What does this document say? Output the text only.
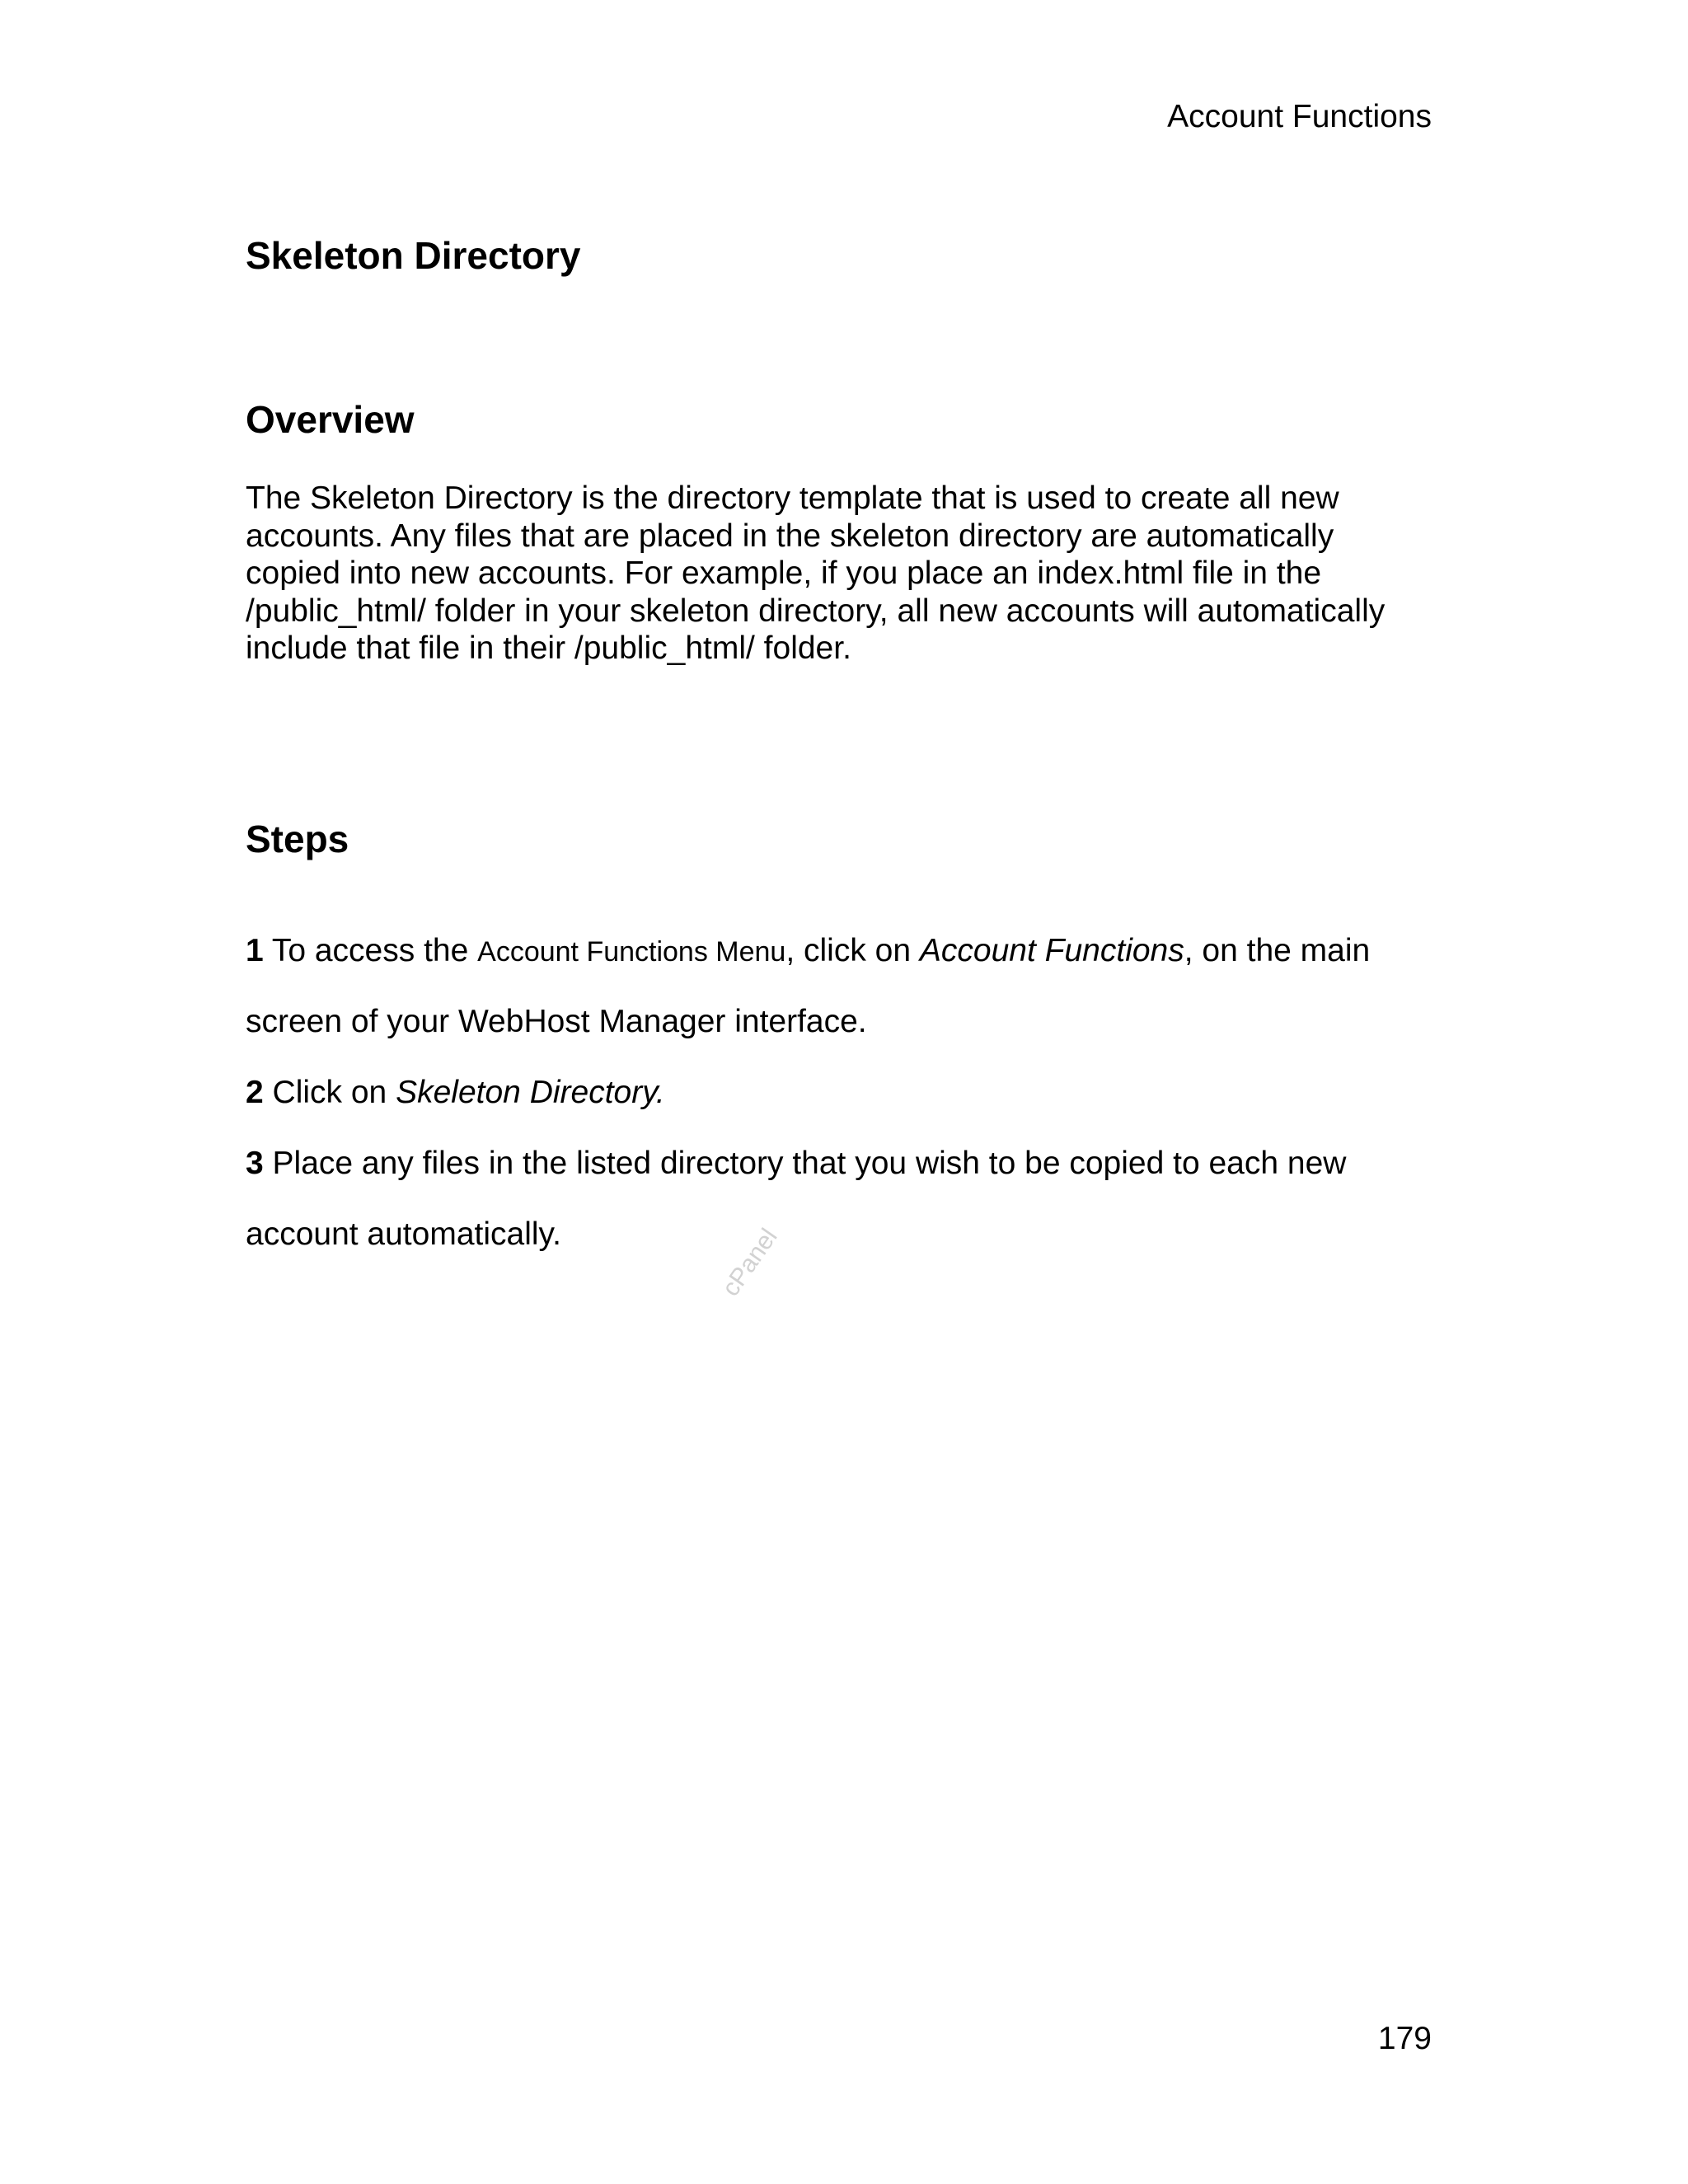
Account Functions
Skeleton Directory
Overview

The Skeleton Directory is the directory template that is used to create all new
accounts. Any files that are placed in the skeleton directory are automatically
copied into new accounts. For example, if you place an index.html file in the
/public_html/ folder in your skeleton directory, all new accounts will automatically
include that file in their /public_html/ folder.

Steps

1 To access the Account Functions Menu, click on Account Functions, on the main

screen of your WebHost Manager interface.

2 Click on Skeleton Directory.

3 Place any files in the listed directory that you wish to be copied to each new

account automatically.	cPanel
179
